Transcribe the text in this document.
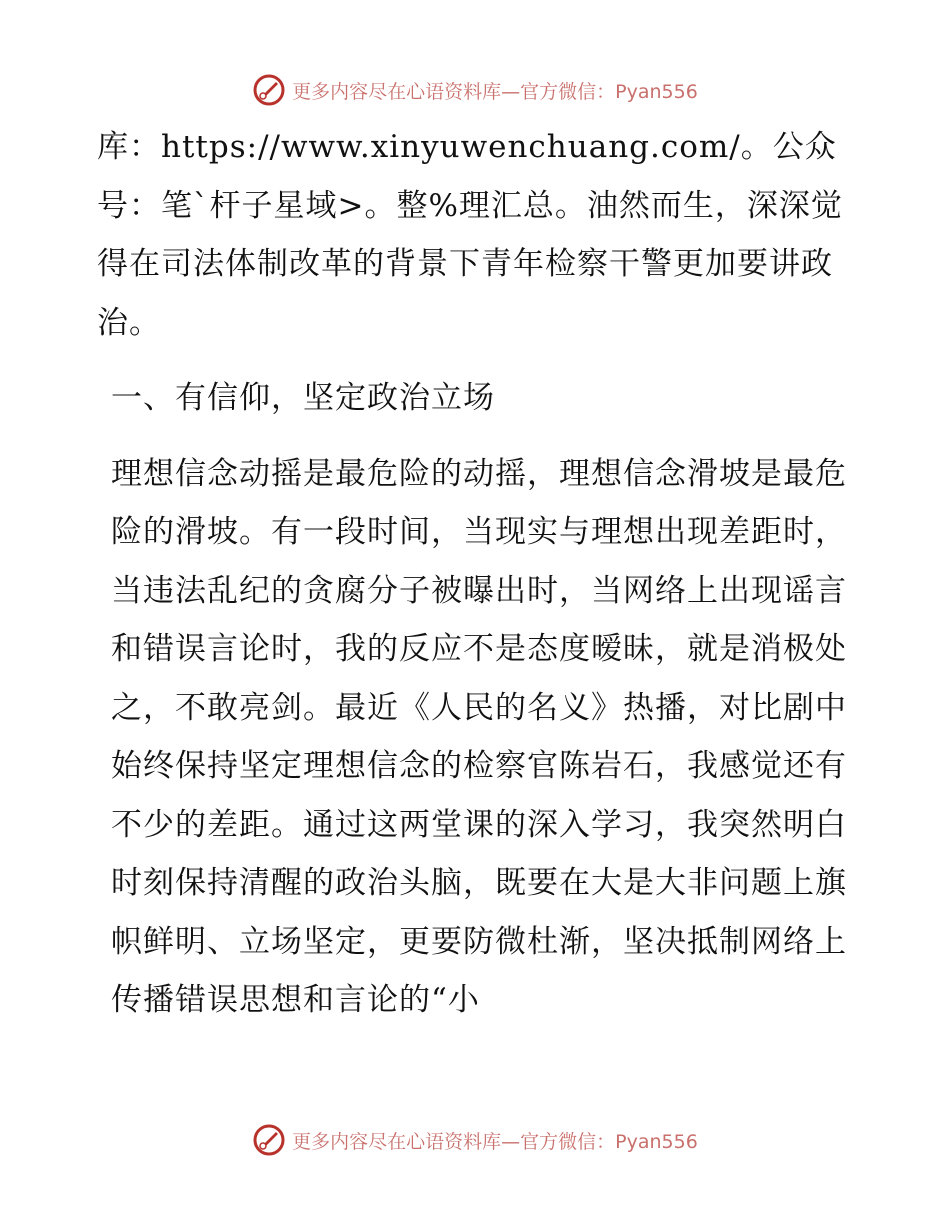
更多内容尽在心语资料库—官方微信：Pyan556

库：https://www.xinyuwenchuang.com/。公众号：笔`杆子星域>。整%理汇总。油然而生，深深觉得在司法体制改革的背景下青年检察干警更加要讲政治。

一、有信仰，坚定政治立场

理想信念动摇是最危险的动摇，理想信念滑坡是最危险的滑坡。有一段时间，当现实与理想出现差距时，当违法乱纪的贪腐分子被曝出时，当网络上出现谣言和错误言论时，我的反应不是态度暧昧，就是消极处之，不敢亮剑。最近《人民的名义》热播，对比剧中始终保持坚定理想信念的检察官陈岩石，我感觉还有不少的差距。通过这两堂课的深入学习，我突然明白时刻保持清醒的政治头脑，既要在大是大非问题上旗帜鲜明、立场坚定，更要防微杜渐，坚决抵制网络上传播错误思想和言论的“小

更多内容尽在心语资料库—官方微信：Pyan556
